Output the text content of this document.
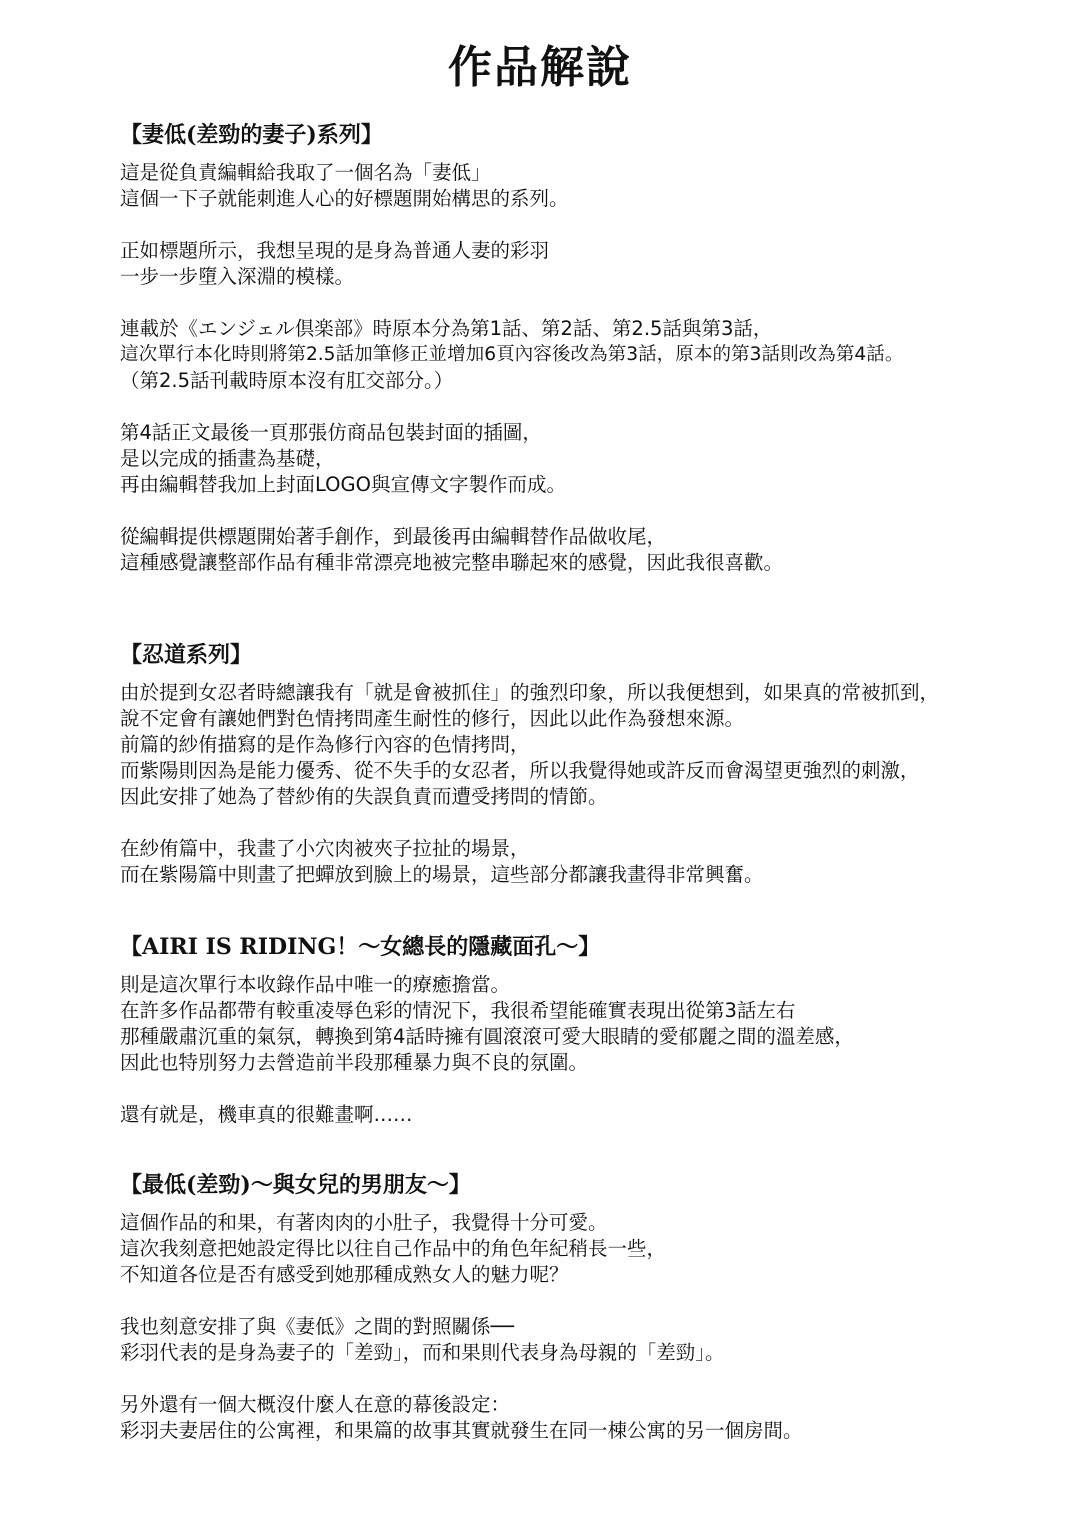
作品解說
【妻低(差勁的妻子)系列】
這是從負責編輯給我取了一個名為「妻低」
這個一下子就能刺進人心的好標題開始構思的系列。
正如標題所示，我想呈現的是身為普通人妻的彩羽
一步一步墮入深淵的模樣。
連載於《エンジェル倶楽部》時原本分為第1話、第2話、第2.5話與第3話，
這次單行本化時則將第2.5話加筆修正並增加6頁內容後改為第3話，原本的第3話則改為第4話。
（第2.5話刊載時原本沒有肛交部分。）
第4話正文最後一頁那張仿商品包裝封面的插圖，
是以完成的插畫為基礎，
再由編輯替我加上封面LOGO與宣傳文字製作而成。
從編輯提供標題開始著手創作，到最後再由編輯替作品做收尾，
這種感覺讓整部作品有種非常漂亮地被完整串聯起來的感覺，因此我很喜歡。
【忍道系列】
由於提到女忍者時總讓我有「就是會被抓住」的強烈印象，所以我便想到，如果真的常被抓到，
說不定會有讓她們對色情拷問產生耐性的修行，因此以此作為發想來源。
前篇的紗侑描寫的是作為修行內容的色情拷問，
而紫陽則因為是能力優秀、從不失手的女忍者，所以我覺得她或許反而會渴望更強烈的刺激，
因此安排了她為了替紗侑的失誤負責而遭受拷問的情節。
在紗侑篇中，我畫了小穴肉被夾子拉扯的場景，
而在紫陽篇中則畫了把蟬放到臉上的場景，這些部分都讓我畫得非常興奮。
【AIRI IS RIDING！～女總長的隱藏面孔～】
則是這次單行本收錄作品中唯一的療癒擔當。
在許多作品都帶有較重凌辱色彩的情況下，我很希望能確實表現出從第3話左右
那種嚴肅沉重的氣氛，轉換到第4話時擁有圓滾滾可愛大眼睛的愛郁麗之間的溫差感，
因此也特別努力去營造前半段那種暴力與不良的氛圍。
還有就是，機車真的很難畫啊……
【最低(差勁)～與女兒的男朋友～】
這個作品的和果，有著肉肉的小肚子，我覺得十分可愛。
這次我刻意把她設定得比以往自己作品中的角色年紀稍長一些，
不知道各位是否有感受到她那種成熟女人的魅力呢？
我也刻意安排了與《妻低》之間的對照關係──
彩羽代表的是身為妻子的「差勁」，而和果則代表身為母親的「差勁」。
另外還有一個大概沒什麼人在意的幕後設定：
彩羽夫妻居住的公寓裡，和果篇的故事其實就發生在同一棟公寓的另一個房間。
